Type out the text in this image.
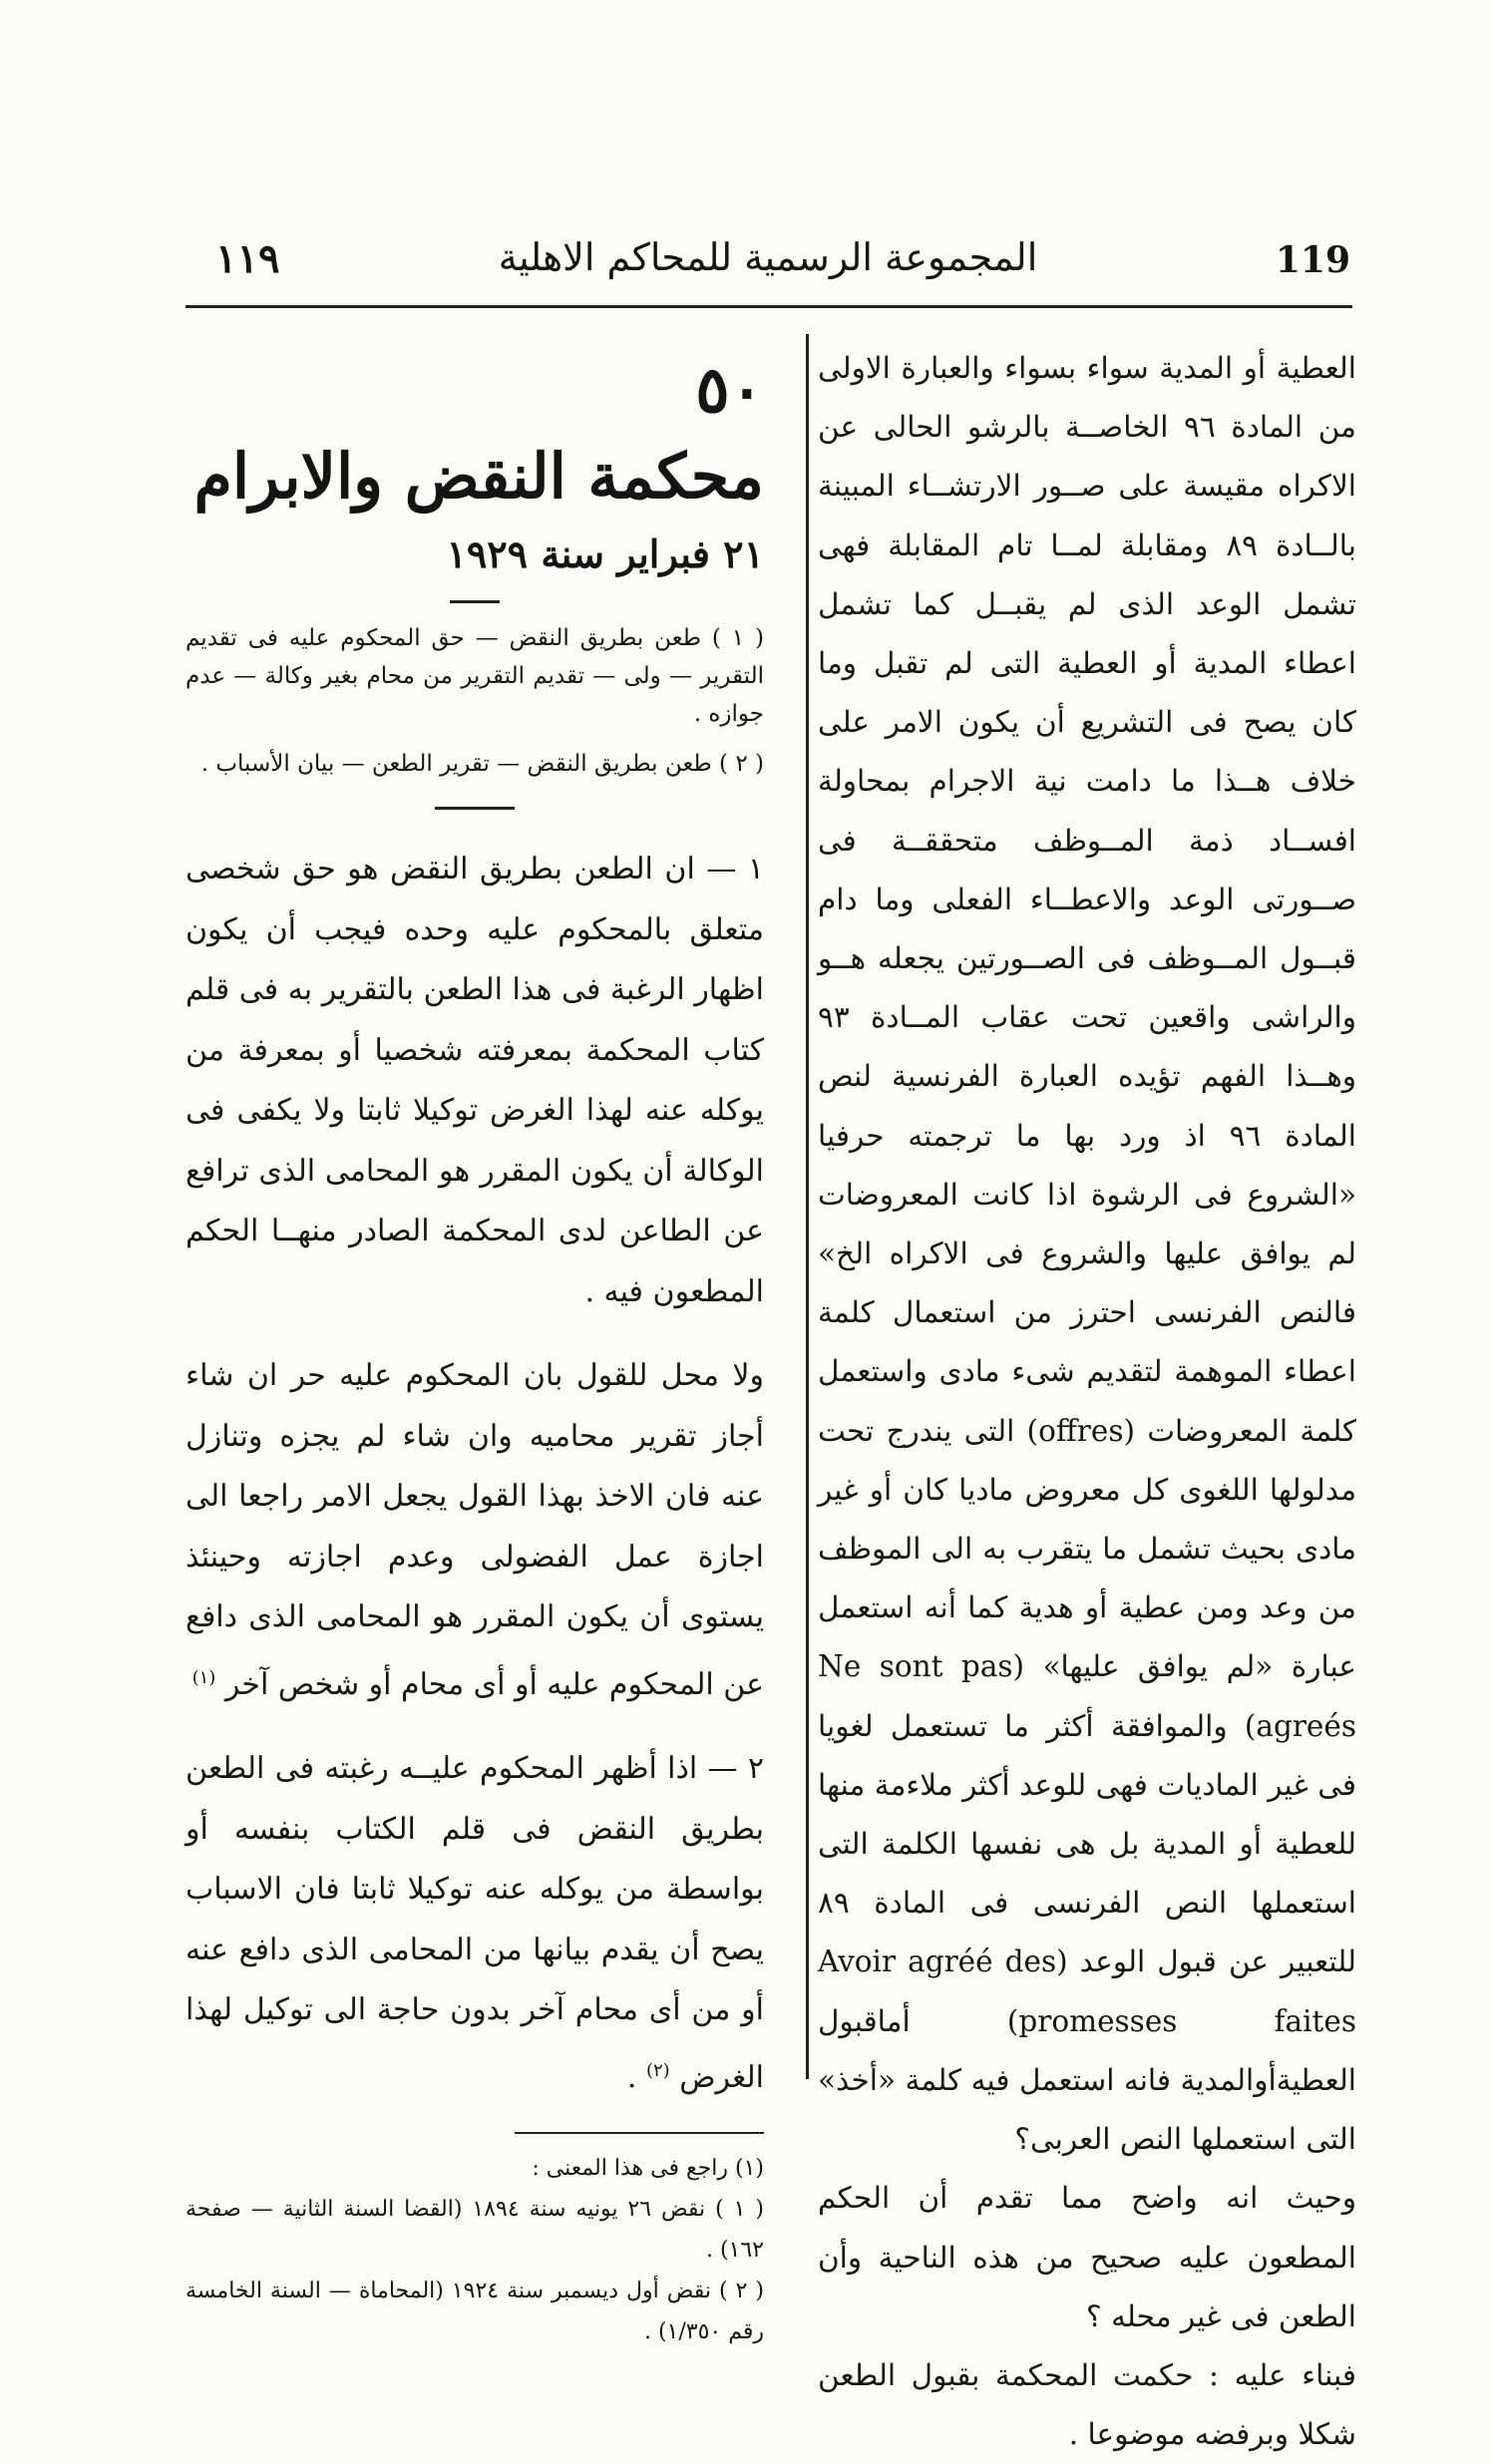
١١٩	المجموعة الرسمية للمحاكم الاهلية	119

العطية أو المدية سواء بسواء والعبارة الاولى من المادة ٩٦ الخاصــة بالرشو الحالى عن الاكراه مقيسة على صــور الارتشــاء المبينة بالــادة ٨٩ ومقابلة لمــا تام المقابلة فهى تشمل الوعد الذى لم يقبــل كما تشمل اعطاء المدية أو العطية التى لم تقبل وما كان يصح فى التشريع أن يكون الامر على خلاف هــذا ما دامت نية الاجرام بمحاولة افســاد ذمة المــوظف متحققــة فى صــورتى الوعد والاعطــاء الفعلى وما دام قبــول المــوظف فى الصــورتين يجعله هــو والراشى واقعين تحت عقاب المــادة ٩٣ وهــذا الفهم تؤيده العبارة الفرنسية لنص المادة ٩٦ اذ ورد بها ما ترجمته حرفيا «الشروع فى الرشوة اذا كانت المعروضات لم يوافق عليها والشروع فى الاكراه الخ» فالنص الفرنسى احترز من استعمال كلمة اعطاء الموهمة لتقديم شىء مادى واستعمل كلمة المعروضات (offres) التى يندرج تحت مدلولها اللغوى كل معروض ماديا كان أو غير مادى بحيث تشمل ما يتقرب به الى الموظف من وعد ومن عطية أو هدية كما أنه استعمل عبارة «لم يوافق عليها» (Ne sont pas agreés) والموافقة أكثر ما تستعمل لغويا فى غير الماديات فهى للوعد أكثر ملاءمة منها للعطية أو المدية بل هى نفسها الكلمة التى استعملها النص الفرنسى فى المادة ٨٩ للتعبير عن قبول الوعد (Avoir agréé des (promesses faites أماقبول العطيةأوالمدية فانه استعمل فيه كلمة «أخذ» التى استعملها النص العربى؟

وحيث انه واضح مما تقدم أن الحكم المطعون عليه صحيح من هذه الناحية وأن الطعن فى غير محله ؟

فبناء عليه : حكمت المحكمة بقبول الطعن شكلا وبرفضه موضوعا .

٥٠
محكمة النقض والابرام
٢١ فبراير سنة ١٩٢٩

( ١ ) طعن بطريق النقض — حق المحكوم عليه فى تقديم التقرير — ولى — تقديم التقرير من محام بغير وكالة — عدم جوازه .

( ٢ ) طعن بطريق النقض — تقرير الطعن — بيان الأسباب .

١ — ان الطعن بطريق النقض هو حق شخصى متعلق بالمحكوم عليه وحده فيجب أن يكون اظهار الرغبة فى هذا الطعن بالتقرير به فى قلم كتاب المحكمة بمعرفته شخصيا أو بمعرفة من يوكله عنه لهذا الغرض توكيلا ثابتا ولا يكفى فى الوكالة أن يكون المقرر هو المحامى الذى ترافع عن الطاعن لدى المحكمة الصادر منهــا الحكم المطعون فيه .

ولا محل للقول بان المحكوم عليه حر ان شاء أجاز تقرير محاميه وان شاء لم يجزه وتنازل عنه فان الاخذ بهذا القول يجعل الامر راجعا الى اجازة عمل الفضولى وعدم اجازته وحينئذ يستوى أن يكون المقرر هو المحامى الذى دافع عن المحكوم عليه أو أى محام أو شخص آخر $^{(١)}$

٢ — اذا أظهر المحكوم عليــه رغبته فى الطعن بطريق النقض فى قلم الكتاب بنفسه أو بواسطة من يوكله عنه توكيلا ثابتا فان الاسباب يصح أن يقدم بيانها من المحامى الذى دافع عنه أو من أى محام آخر بدون حاجة الى توكيل لهذا الغرض $^{(٢)}$ .

(١) راجع فى هذا المعنى :

( ١ ) نقض ٢٦ يونيه سنة ١٨٩٤ (القضا السنة الثانية — صفحة ١٦٢) .

( ٢ ) نقض أول ديسمبر سنة ١٩٢٤ (المحاماة — السنة الخامسة رقم ١/٣٥٠) .
